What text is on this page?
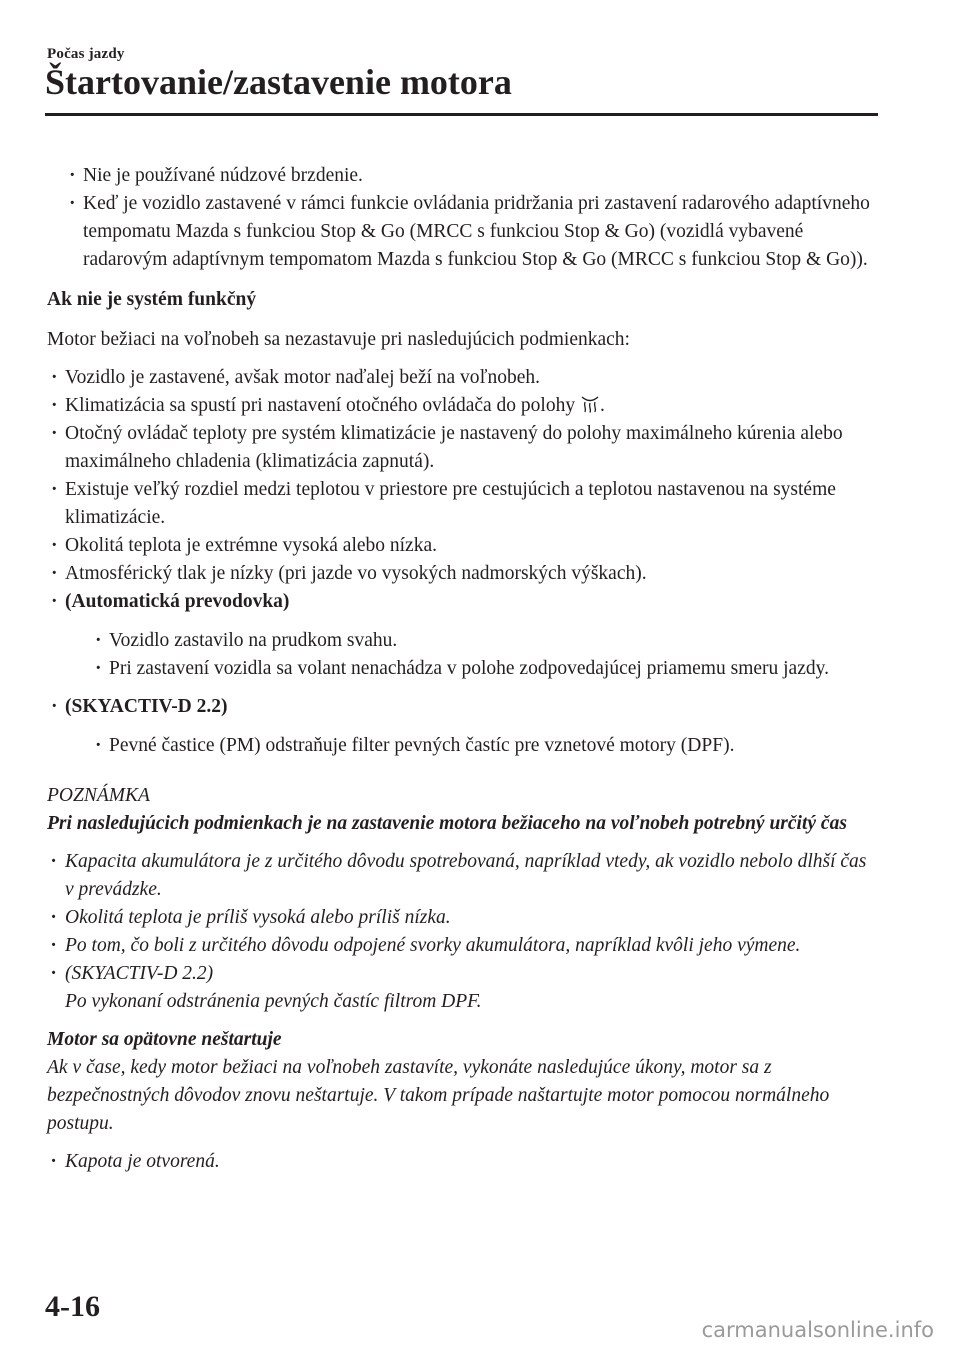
Počas jazdy
Štartovanie/zastavenie motora
· Nie je používané núdzové brzdenie.
· Keď je vozidlo zastavené v rámci funkcie ovládania pridržania pri zastavení radarového adaptívneho tempomatu Mazda s funkciou Stop & Go (MRCC s funkciou Stop & Go) (vozidlá vybavené radarovým adaptívnym tempomatom Mazda s funkciou Stop & Go (MRCC s funkciou Stop & Go)).
Ak nie je systém funkčný
Motor bežiaci na voľnobeh sa nezastavuje pri nasledujúcich podmienkach:
· Vozidlo je zastavené, avšak motor naďalej beží na voľnobeh.
· Klimatizácia sa spustí pri nastavení otočného ovládača do polohy .
· Otočný ovládač teploty pre systém klimatizácie je nastavený do polohy maximálneho kúrenia alebo maximálneho chladenia (klimatizácia zapnutá).
· Existuje veľký rozdiel medzi teplotou v priestore pre cestujúcich a teplotou nastavenou na systéme klimatizácie.
· Okolitá teplota je extrémne vysoká alebo nízka.
· Atmosférický tlak je nízky (pri jazde vo vysokých nadmorských výškach).
· (Automatická prevodovka)
· Vozidlo zastavilo na prudkom svahu.
· Pri zastavení vozidla sa volant nenachádza v polohe zodpovedajúcej priamemu smeru jazdy.
· (SKYACTIV-D 2.2)
· Pevné častice (PM) odstraňuje filter pevných častíc pre vznetové motory (DPF).
POZNÁMKA
Pri nasledujúcich podmienkach je na zastavenie motora bežiaceho na voľnobeh potrebný určitý čas
· Kapacita akumulátora je z určitého dôvodu spotrebovaná, napríklad vtedy, ak vozidlo nebolo dlhší čas v prevádzke.
· Okolitá teplota je príliš vysoká alebo príliš nízka.
· Po tom, čo boli z určitého dôvodu odpojené svorky akumulátora, napríklad kvôli jeho výmene.
· (SKYACTIV-D 2.2)
Po vykonaní odstránenia pevných častíc filtrom DPF.
Motor sa opätovne neštartuje
Ak v čase, kedy motor bežiaci na voľnobeh zastavíte, vykonáte nasledujúce úkony, motor sa z bezpečnostných dôvodov znovu neštartuje. V takom prípade naštartujte motor pomocou normálneho postupu.
· Kapota je otvorená.
4-16
carmanualsonline.info
